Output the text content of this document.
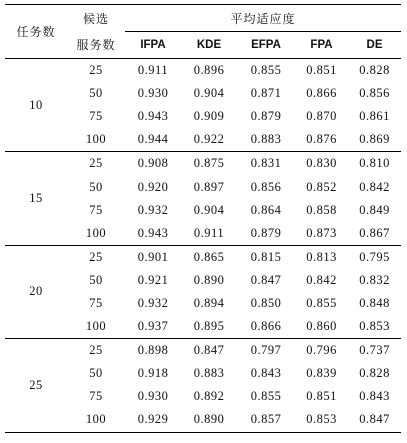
任务数	候选
服务数	平均适应度				
		IFPA	KDE	EFPA	FPA	DE
10	25	0.911	0.896	0.855	0.851	0.828
	50	0.930	0.904	0.871	0.866	0.856
	75	0.943	0.909	0.879	0.870	0.861
	100	0.944	0.922	0.883	0.876	0.869
15	25	0.908	0.875	0.831	0.830	0.810
	50	0.920	0.897	0.856	0.852	0.842
	75	0.932	0.904	0.864	0.858	0.849
	100	0.943	0.911	0.879	0.873	0.867
20	25	0.901	0.865	0.815	0.813	0.795
	50	0.921	0.890	0.847	0.842	0.832
	75	0.932	0.894	0.850	0.855	0.848
	100	0.937	0.895	0.866	0.860	0.853
25	25	0.898	0.847	0.797	0.796	0.737
	50	0.918	0.883	0.843	0.839	0.828
	75	0.930	0.892	0.855	0.851	0.843
	100	0.929	0.890	0.857	0.853	0.847
